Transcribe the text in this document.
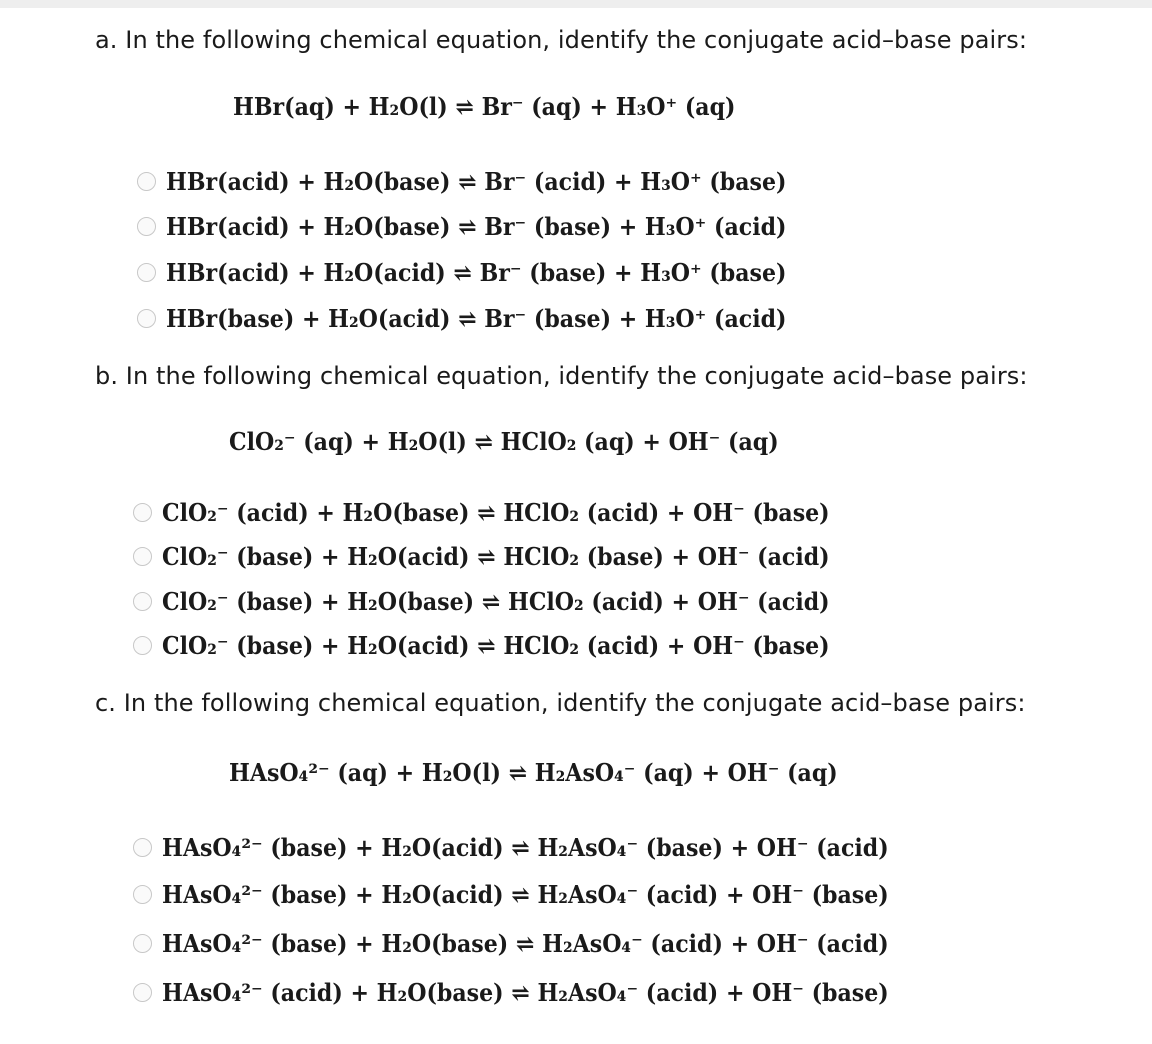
a. In the following chemical equation, identify the conjugate acid–base pairs:
HBr(aq) + H₂O(l) ⇌ Br⁻ (aq) + H₃O⁺ (aq)
HBr(acid) + H₂O(base) ⇌ Br⁻ (acid) + H₃O⁺ (base)
HBr(acid) + H₂O(base) ⇌ Br⁻ (base) + H₃O⁺ (acid)
HBr(acid) + H₂O(acid) ⇌ Br⁻ (base) + H₃O⁺ (base)
HBr(base) + H₂O(acid) ⇌ Br⁻ (base) + H₃O⁺ (acid)
b. In the following chemical equation, identify the conjugate acid–base pairs:
ClO₂⁻ (aq) + H₂O(l) ⇌ HClO₂ (aq) + OH⁻ (aq)
ClO₂⁻ (acid) + H₂O(base) ⇌ HClO₂ (acid) + OH⁻ (base)
ClO₂⁻ (base) + H₂O(acid) ⇌ HClO₂ (base) + OH⁻ (acid)
ClO₂⁻ (base) + H₂O(base) ⇌ HClO₂ (acid) + OH⁻ (acid)
ClO₂⁻ (base) + H₂O(acid) ⇌ HClO₂ (acid) + OH⁻ (base)
c. In the following chemical equation, identify the conjugate acid–base pairs:
HAsO₄²⁻ (aq) + H₂O(l) ⇌ H₂AsO₄⁻ (aq) + OH⁻ (aq)
HAsO₄²⁻ (base) + H₂O(acid) ⇌ H₂AsO₄⁻ (base) + OH⁻ (acid)
HAsO₄²⁻ (base) + H₂O(acid) ⇌ H₂AsO₄⁻ (acid) + OH⁻ (base)
HAsO₄²⁻ (base) + H₂O(base) ⇌ H₂AsO₄⁻ (acid) + OH⁻ (acid)
HAsO₄²⁻ (acid) + H₂O(base) ⇌ H₂AsO₄⁻ (acid) + OH⁻ (base)
